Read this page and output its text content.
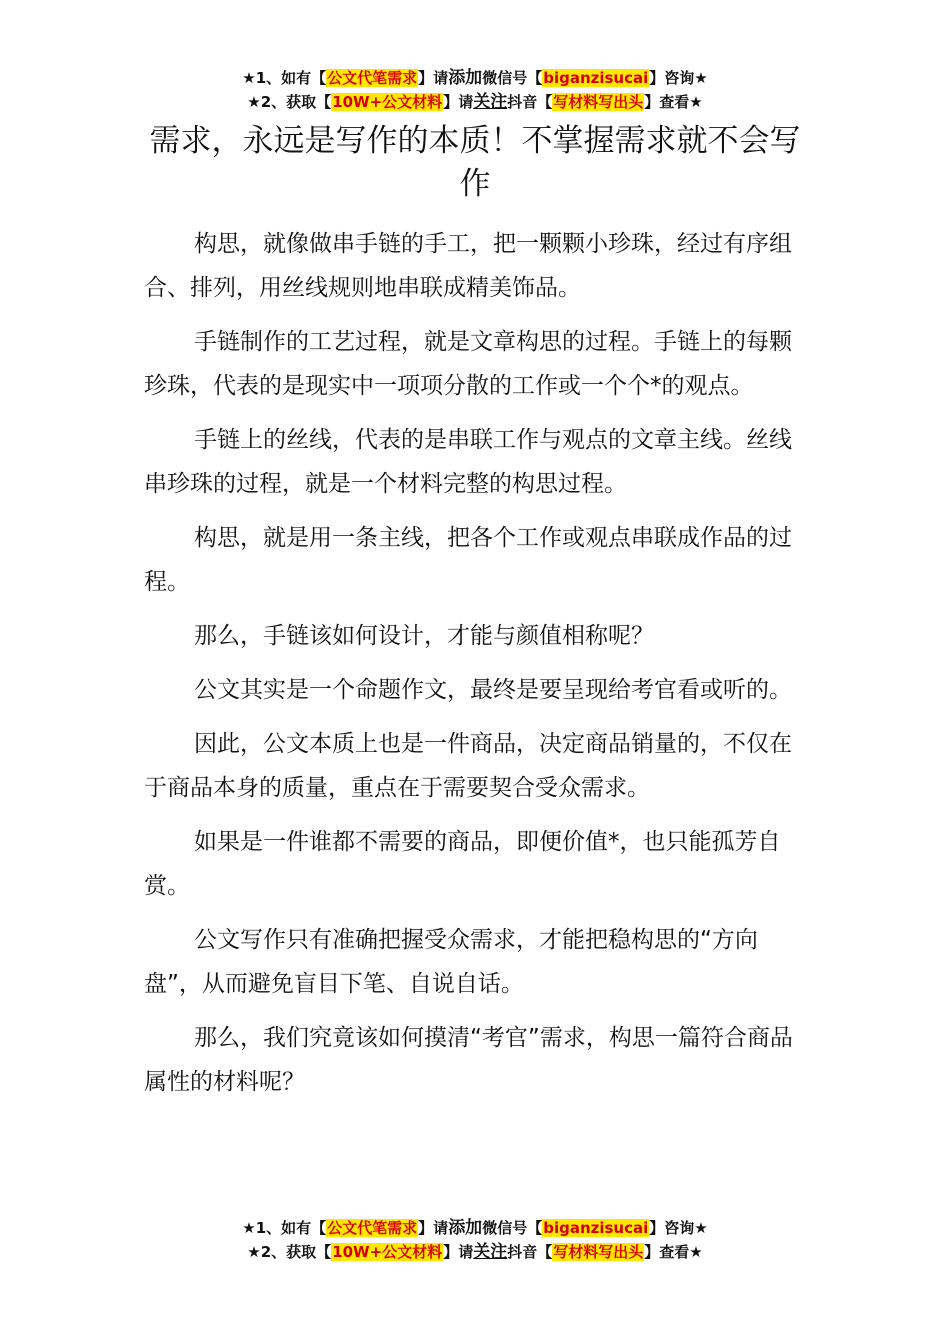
★1、如有【公文代笔需求】请添加微信号【biganzisucai】咨询★
★2、获取【10W+公文材料】请关注抖音【写材料写出头】查看★
需求，永远是写作的本质！不掌握需求就不会写作

构思，就像做串手链的手工，把一颗颗小珍珠，经过有序组合、排列，用丝线规则地串联成精美饰品。

手链制作的工艺过程，就是文章构思的过程。手链上的每颗珍珠，代表的是现实中一项项分散的工作或一个个*的观点。

手链上的丝线，代表的是串联工作与观点的文章主线。丝线串珍珠的过程，就是一个材料完整的构思过程。

构思，就是用一条主线，把各个工作或观点串联成作品的过程。

那么，手链该如何设计，才能与颜值相称呢？

公文其实是一个命题作文，最终是要呈现给考官看或听的。

因此，公文本质上也是一件商品，决定商品销量的，不仅在于商品本身的质量，重点在于需要契合受众需求。

如果是一件谁都不需要的商品，即便价值*，也只能孤芳自赏。

公文写作只有准确把握受众需求，才能把稳构思的“方向盘”，从而避免盲目下笔、自说自话。

那么，我们究竟该如何摸清“考官”需求，构思一篇符合商品属性的材料呢？

★1、如有【公文代笔需求】请添加微信号【biganzisucai】咨询★
★2、获取【10W+公文材料】请关注抖音【写材料写出头】查看★
